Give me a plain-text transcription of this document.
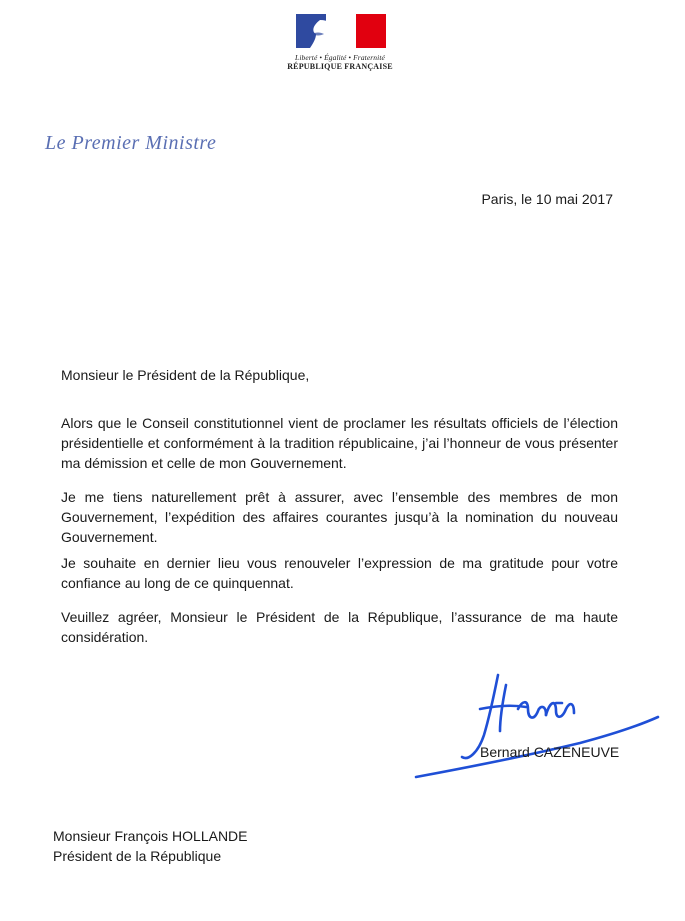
Liberté • Égalité • Fraternité
RÉPUBLIQUE FRANÇAISE
Le Premier Ministre
Paris, le 10 mai 2017
Monsieur le Président de la République,

Alors que le Conseil constitutionnel vient de proclamer les résultats officiels de l’élection présidentielle et conformément à la tradition républicaine, j’ai l’honneur de vous présenter ma démission et celle de mon Gouvernement.

Je me tiens naturellement prêt à assurer, avec l’ensemble des membres de mon Gouvernement, l’expédition des affaires courantes jusqu’à la nomination du nouveau Gouvernement.

Je souhaite en dernier lieu vous renouveler l’expression de ma gratitude pour votre confiance au long de ce quinquennat.

Veuillez agréer, Monsieur le Président de la République, l’assurance de ma haute considération.

Bernard CAZENEUVE
Monsieur François HOLLANDE
Président de la République
